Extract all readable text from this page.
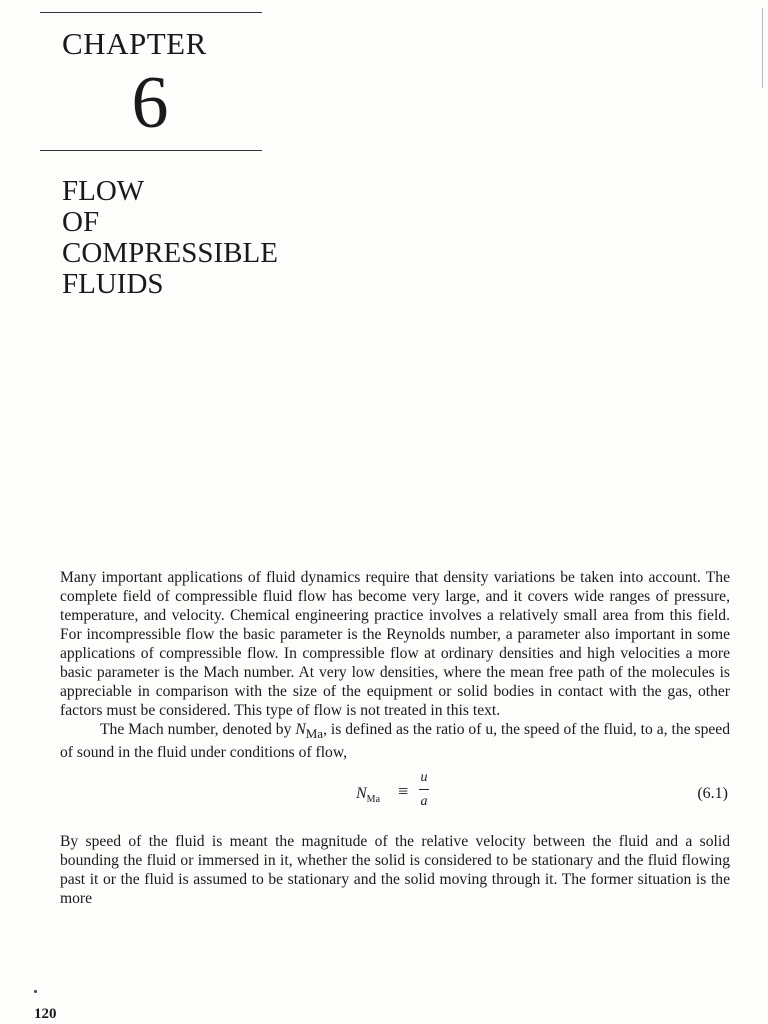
CHAPTER
6
FLOW
OF
COMPRESSIBLE
FLUIDS

Many important applications of fluid dynamics require that density variations be taken into account. The complete field of compressible fluid flow has become very large, and it covers wide ranges of pressure, temperature, and velocity. Chemical engineering practice involves a relatively small area from this field. For incompressible flow the basic parameter is the Reynolds number, a parameter also important in some applications of compressible flow. In compressible flow at ordinary densities and high velocities a more basic parameter is the Mach number. At very low densities, where the mean free path of the molecules is appreciable in comparison with the size of the equipment or solid bodies in contact with the gas, other factors must be considered. This type of flow is not treated in this text.

The Mach number, denoted by $N_{Ma}$, is defined as the ratio of u, the speed of the fluid, to a, the speed of sound in the fluid under conditions of flow,

$N_{Ma}$ ≡
u
a	(6.1)

By speed of the fluid is meant the magnitude of the relative velocity between the fluid and a solid bounding the fluid or immersed in it, whether the solid is considered to be stationary and the fluid flowing past it or the fluid is assumed to be stationary and the solid moving through it. The former situation is the more

120
